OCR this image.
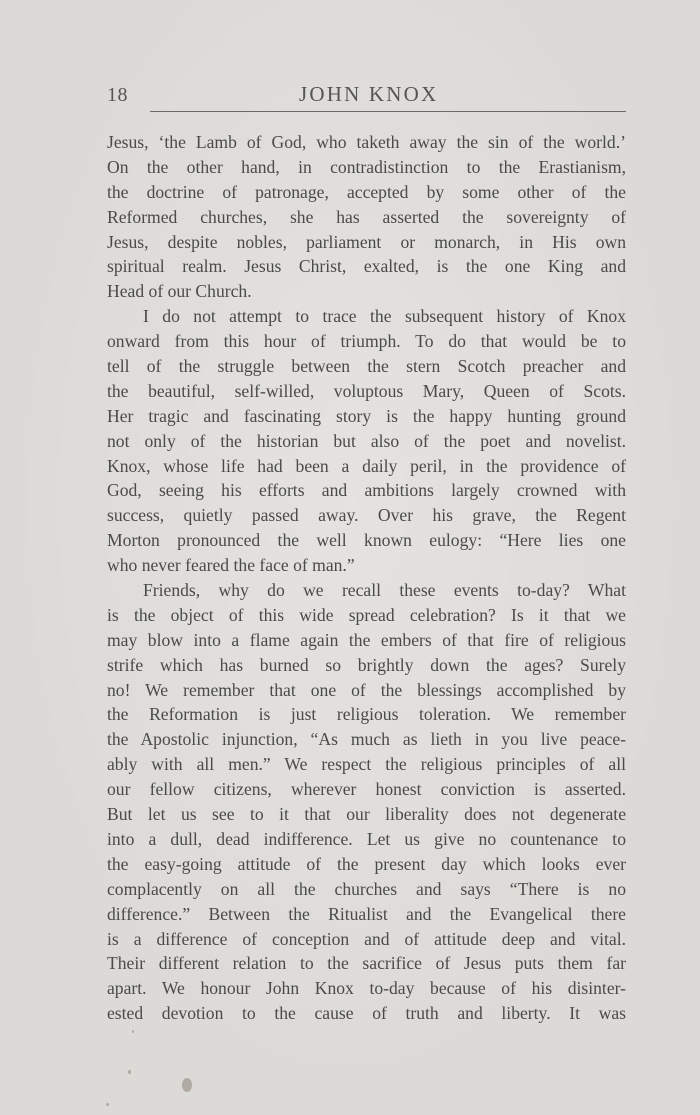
18	JOHN KNOX
Jesus, ‘the Lamb of God, who taketh away the sin of the world.’
On the other hand, in contradistinction to the Erastianism,
the doctrine of patronage, accepted by some other of the
Reformed churches, she has asserted the sovereignty of
Jesus, despite nobles, parliament or monarch, in His own
spiritual realm. Jesus Christ, exalted, is the one King and
Head of our Church.
I do not attempt to trace the subsequent history of Knox
onward from this hour of triumph. To do that would be to
tell of the struggle between the stern Scotch preacher and
the beautiful, self-willed, voluptous Mary, Queen of Scots.
Her tragic and fascinating story is the happy hunting ground
not only of the historian but also of the poet and novelist.
Knox, whose life had been a daily peril, in the providence of
God, seeing his efforts and ambitions largely crowned with
success, quietly passed away. Over his grave, the Regent
Morton pronounced the well known eulogy: “Here lies one
who never feared the face of man.”
Friends, why do we recall these events to-day? What
is the object of this wide spread celebration? Is it that we
may blow into a flame again the embers of that fire of religious
strife which has burned so brightly down the ages? Surely
no! We remember that one of the blessings accomplished by
the Reformation is just religious toleration. We remember
the Apostolic injunction, “As much as lieth in you live peace-
ably with all men.” We respect the religious principles of all
our fellow citizens, wherever honest conviction is asserted.
But let us see to it that our liberality does not degenerate
into a dull, dead indifference. Let us give no countenance to
the easy-going attitude of the present day which looks ever
complacently on all the churches and says “There is no
difference.” Between the Ritualist and the Evangelical there
is a difference of conception and of attitude deep and vital.
Their different relation to the sacrifice of Jesus puts them far
apart. We honour John Knox to-day because of his disinter-
ested devotion to the cause of truth and liberty. It was
